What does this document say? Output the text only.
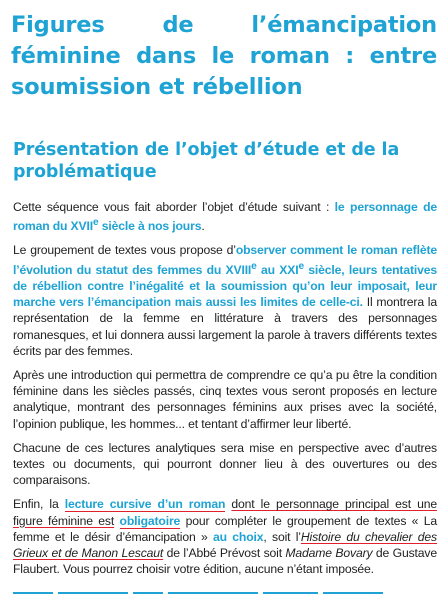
Figures de l’émancipation féminine dans le roman : entre soumission et rébellion
Présentation de l’objet d’étude et de la problématique

Cette séquence vous fait aborder l’objet d’étude suivant : le personnage de roman du XVIIe siècle à nos jours.

Le groupement de textes vous propose d’observer comment le roman reflète l’évolution du statut des femmes du XVIIIe au XXIe siècle, leurs tentatives de rébellion contre l’inégalité et la soumission qu’on leur imposait, leur marche vers l’émancipation mais aussi les limites de celle-ci. Il montrera la représentation de la femme en littérature à travers des personnages romanesques, et lui donnera aussi largement la parole à travers différents textes écrits par des femmes.

Après une introduction qui permettra de comprendre ce qu’a pu être la condition féminine dans les siècles passés, cinq textes vous seront proposés en lecture analytique, montrant des personnages féminins aux prises avec la société, l’opinion publique, les hommes... et tentant d’affirmer leur liberté.

Chacune de ces lectures analytiques sera mise en perspective avec d’autres textes ou documents, qui pourront donner lieu à des ouvertures ou des comparaisons.

Enfin, la lecture cursive d’un roman dont le personnage principal est une figure féminine est obligatoire pour compléter le groupement de textes « La femme et le désir d’émancipation » au choix, soit l’Histoire du chevalier des Grieux et de Manon Lescaut de l’Abbé Prévost soit Madame Bovary de Gustave Flaubert. Vous pourrez choisir votre édition, aucune n’étant imposée.
